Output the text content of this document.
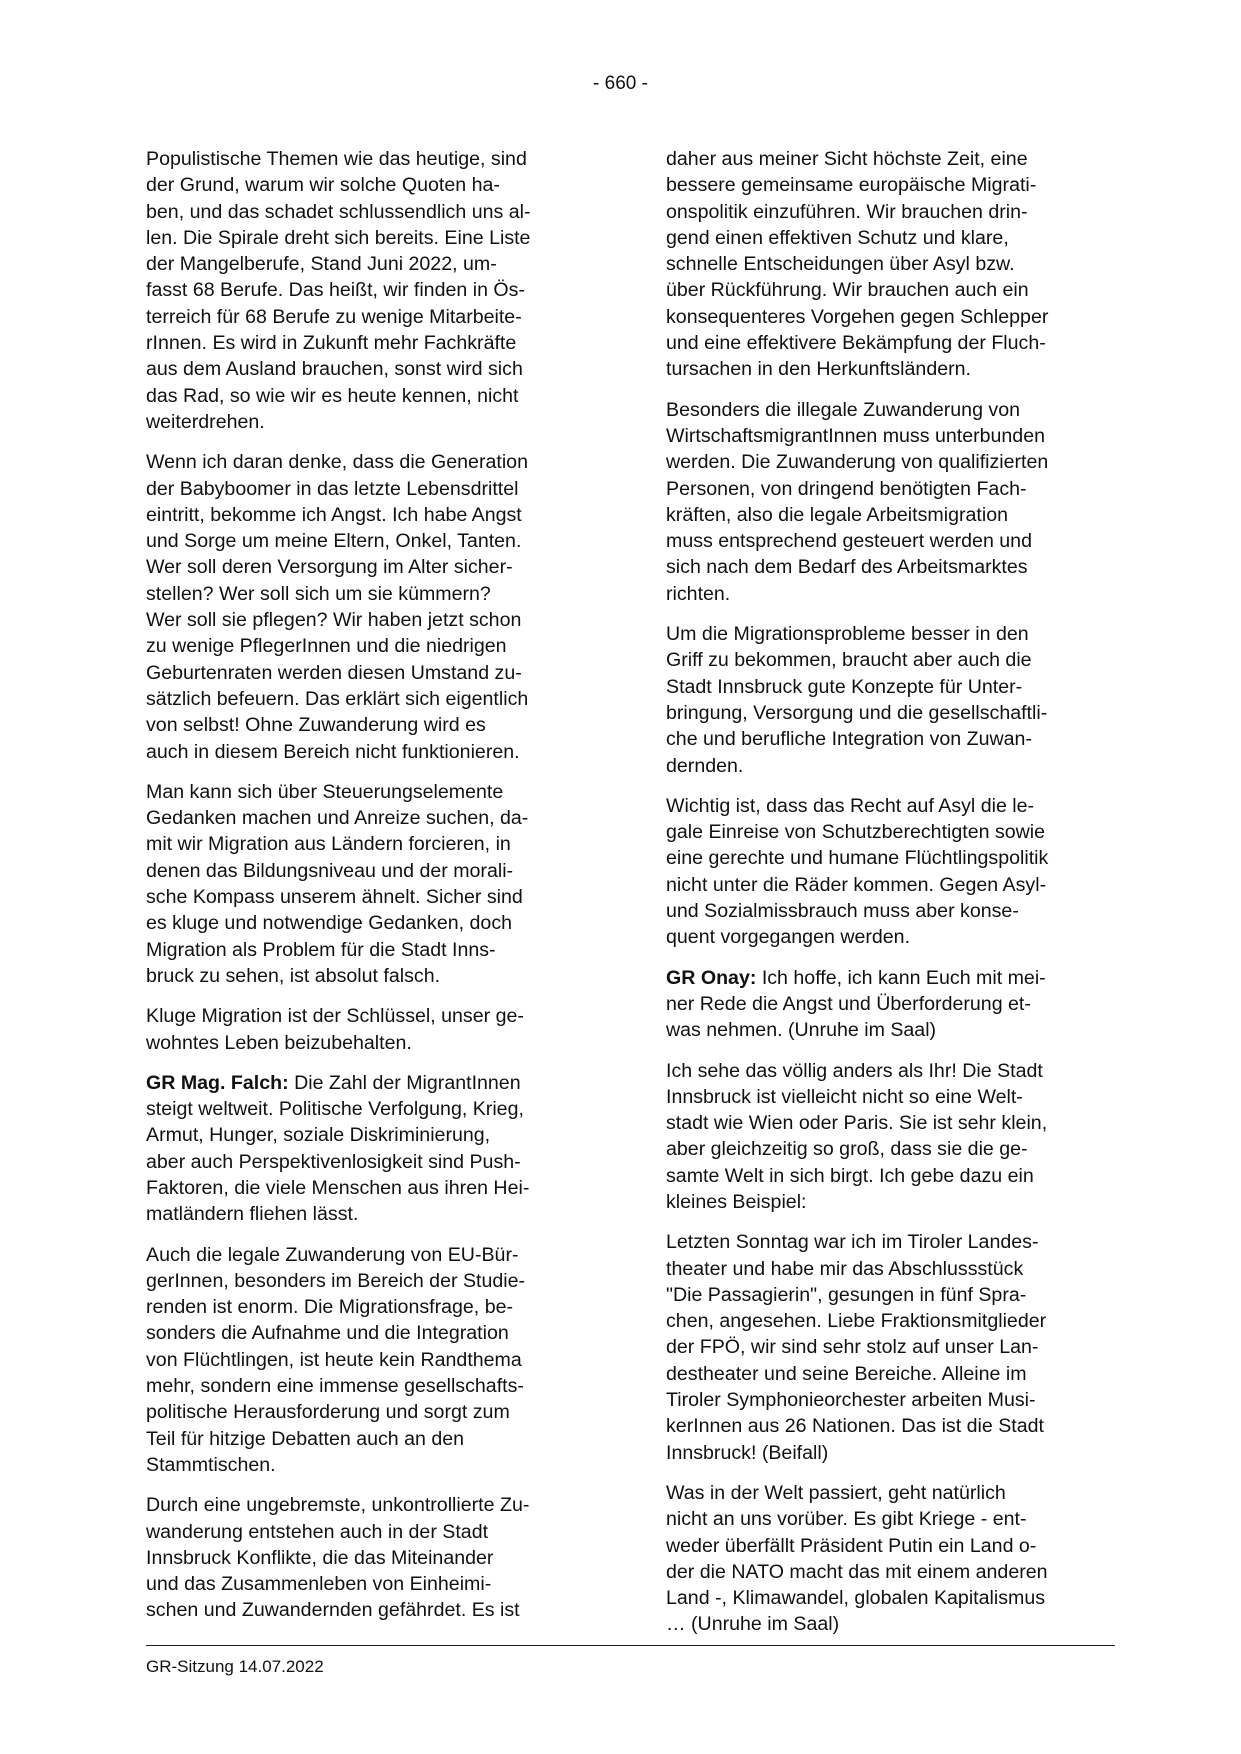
- 660 -

Populistische Themen wie das heutige, sind
der Grund, warum wir solche Quoten ha-
ben, und das schadet schlussendlich uns al-
len. Die Spirale dreht sich bereits. Eine Liste
der Mangelberufe, Stand Juni 2022, um-
fasst 68 Berufe. Das heißt, wir finden in Ös-
terreich für 68 Berufe zu wenige Mitarbeite-
rInnen. Es wird in Zukunft mehr Fachkräfte
aus dem Ausland brauchen, sonst wird sich
das Rad, so wie wir es heute kennen, nicht
weiterdrehen.

Wenn ich daran denke, dass die Generation
der Babyboomer in das letzte Lebensdrittel
eintritt, bekomme ich Angst. Ich habe Angst
und Sorge um meine Eltern, Onkel, Tanten.
Wer soll deren Versorgung im Alter sicher-
stellen? Wer soll sich um sie kümmern?
Wer soll sie pflegen? Wir haben jetzt schon
zu wenige PflegerInnen und die niedrigen
Geburtenraten werden diesen Umstand zu-
sätzlich befeuern. Das erklärt sich eigentlich
von selbst! Ohne Zuwanderung wird es
auch in diesem Bereich nicht funktionieren.

Man kann sich über Steuerungselemente
Gedanken machen und Anreize suchen, da-
mit wir Migration aus Ländern forcieren, in
denen das Bildungsniveau und der morali-
sche Kompass unserem ähnelt. Sicher sind
es kluge und notwendige Gedanken, doch
Migration als Problem für die Stadt Inns-
bruck zu sehen, ist absolut falsch.

Kluge Migration ist der Schlüssel, unser ge-
wohntes Leben beizubehalten.

GR Mag. Falch: Die Zahl der MigrantInnen
steigt weltweit. Politische Verfolgung, Krieg,
Armut, Hunger, soziale Diskriminierung,
aber auch Perspektivenlosigkeit sind Push-
Faktoren, die viele Menschen aus ihren Hei-
matländern fliehen lässt.

Auch die legale Zuwanderung von EU-Bür-
gerInnen, besonders im Bereich der Studie-
renden ist enorm. Die Migrationsfrage, be-
sonders die Aufnahme und die Integration
von Flüchtlingen, ist heute kein Randthema
mehr, sondern eine immense gesellschafts-
politische Herausforderung und sorgt zum
Teil für hitzige Debatten auch an den
Stammtischen.

Durch eine ungebremste, unkontrollierte Zu-
wanderung entstehen auch in der Stadt
Innsbruck Konflikte, die das Miteinander
und das Zusammenleben von Einheimi-
schen und Zuwandernden gefährdet. Es ist

daher aus meiner Sicht höchste Zeit, eine
bessere gemeinsame europäische Migrati-
onspolitik einzuführen. Wir brauchen drin-
gend einen effektiven Schutz und klare,
schnelle Entscheidungen über Asyl bzw.
über Rückführung. Wir brauchen auch ein
konsequenteres Vorgehen gegen Schlepper
und eine effektivere Bekämpfung der Fluch-
tursachen in den Herkunftsländern.

Besonders die illegale Zuwanderung von
WirtschaftsmigrantInnen muss unterbunden
werden. Die Zuwanderung von qualifizierten
Personen, von dringend benötigten Fach-
kräften, also die legale Arbeitsmigration
muss entsprechend gesteuert werden und
sich nach dem Bedarf des Arbeitsmarktes
richten.

Um die Migrationsprobleme besser in den
Griff zu bekommen, braucht aber auch die
Stadt Innsbruck gute Konzepte für Unter-
bringung, Versorgung und die gesellschaftli-
che und berufliche Integration von Zuwan-
dernden.

Wichtig ist, dass das Recht auf Asyl die le-
gale Einreise von Schutzberechtigten sowie
eine gerechte und humane Flüchtlingspolitik
nicht unter die Räder kommen. Gegen Asyl-
und Sozialmissbrauch muss aber konse-
quent vorgegangen werden.

GR Onay: Ich hoffe, ich kann Euch mit mei-
ner Rede die Angst und Überforderung et-
was nehmen. (Unruhe im Saal)

Ich sehe das völlig anders als Ihr! Die Stadt
Innsbruck ist vielleicht nicht so eine Welt-
stadt wie Wien oder Paris. Sie ist sehr klein,
aber gleichzeitig so groß, dass sie die ge-
samte Welt in sich birgt. Ich gebe dazu ein
kleines Beispiel:

Letzten Sonntag war ich im Tiroler Landes-
theater und habe mir das Abschlussstück
"Die Passagierin", gesungen in fünf Spra-
chen, angesehen. Liebe Fraktionsmitglieder
der FPÖ, wir sind sehr stolz auf unser Lan-
destheater und seine Bereiche. Alleine im
Tiroler Symphonieorchester arbeiten Musi-
kerInnen aus 26 Nationen. Das ist die Stadt
Innsbruck! (Beifall)

Was in der Welt passiert, geht natürlich
nicht an uns vorüber. Es gibt Kriege - ent-
weder überfällt Präsident Putin ein Land o-
der die NATO macht das mit einem anderen
Land -, Klimawandel, globalen Kapitalismus
… (Unruhe im Saal)

GR-Sitzung 14.07.2022
